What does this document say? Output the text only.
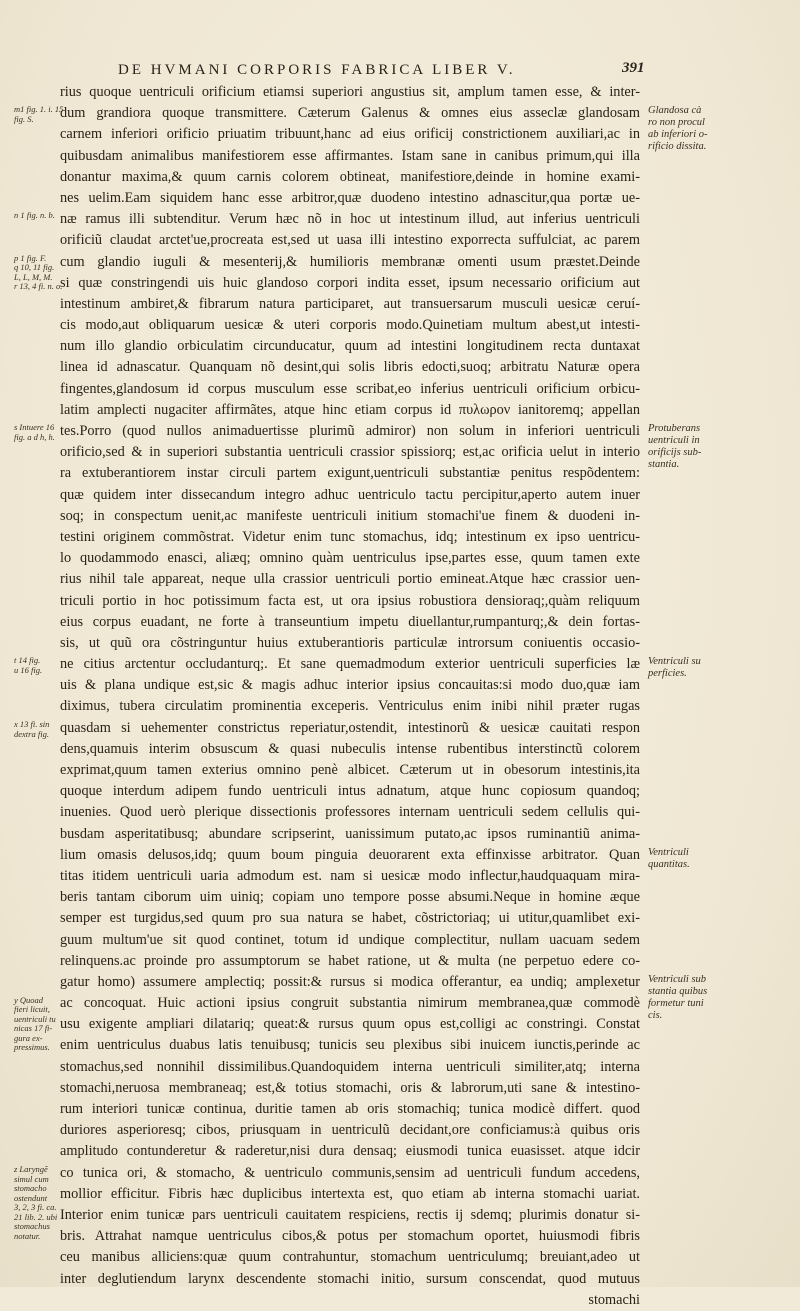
DE HVMANI CORPORIS FABRICA LIBER V.	391
rius quoque uentriculi orificium etiamsi superiori angustius sit, amplum tamen esse, & inter-
dum grandiora quoque transmittere. Cæterum Galenus & omnes eius asseclæ glandosam
carnem inferiori orificio priuatim tribuunt,hanc ad eius orificij constrictionem auxiliari,ac in
quibusdam animalibus manifestiorem esse affirmantes. Istam sane in canibus primum,qui illa
donantur maxima,& quum carnis colorem obtineat, manifestiore,deinde in homine exami-
nes uelim.Eam siquidem hanc esse arbitror,quæ duodeno intestino adnascitur,qua portæ ue-
næ ramus illi subtenditur. Verum hæc nõ in hoc ut intestinum illud, aut inferius uentriculi
orificiũ claudat arctet'ue,procreata est,sed ut uasa illi intestino exporrecta suffulciat, ac parem
cum glandio iuguli & mesenterij,& humilioris membranæ omenti usum præstet.Deinde
si quæ constringendi uis huic glandoso corpori indita esset, ipsum necessario orificium aut
intestinum ambiret,& fibrarum natura participaret, aut transuersarum musculi uesicæ ceruí-
cis modo,aut obliquarum uesicæ & uteri corporis modo.Quinetiam multum abest,ut intesti-
num illo glandio orbiculatim circunducatur, quum ad intestini longitudinem recta duntaxat
linea id adnascatur. Quanquam nõ desint,qui solis libris edocti,suoq; arbitratu Naturæ opera
fingentes,glandosum id corpus musculum esse scribat,eo inferius uentriculi orificium orbicu-
latim amplecti nugaciter affirmãtes, atque hinc etiam corpus id πυλωρον ianitoremq; appellan
tes.Porro (quod nullos animaduertisse plurimũ admiror) non solum in inferiori uentriculi
orificio,sed & in superiori substantia uentriculi crassior spissiorq; est,ac orificia uelut in interio
ra extuberantiorem instar circuli partem exigunt,uentriculi substantiæ penitus respõdentem:
quæ quidem inter dissecandum integro adhuc uentriculo tactu percipitur,aperto autem inuer
soq; in conspectum uenit,ac manifeste uentriculi initium stomachi'ue finem & duodeni in-
testini originem commõstrat. Videtur enim tunc stomachus, idq; intestinum ex ipso uentricu-
lo quodammodo enasci, aliæq; omnino quàm uentriculus ipse,partes esse, quum tamen exte
rius nihil tale appareat, neque ulla crassior uentriculi portio emineat.Atque hæc crassior uen-
triculi portio in hoc potissimum facta est, ut ora ipsius robustiora densioraq;,quàm reliquum
eius corpus euadant, ne forte à transeuntium impetu diuellantur,rumpanturq;,& dein fortas-
sis, ut quũ ora cõstringuntur huius extuberantioris particulæ introrsum coniuentis occasio-
ne citius arctentur occludanturq;. Et sane quemadmodum exterior uentriculi superficies læ
uis & plana undique est,sic & magis adhuc interior ipsius concauitas:si modo duo,quæ iam
diximus, tubera circulatim prominentia exceperis. Ventriculus enim inibi nihil præter rugas
quasdam si uehementer constrictus reperiatur,ostendit, intestinorũ & uesicæ cauitati respon
dens,quamuis interim obsuscum & quasi nubeculis intense rubentibus interstinctũ colorem
exprimat,quum tamen exterius omnino penè albicet. Cæterum ut in obesorum intestinis,ita
quoque interdum adipem fundo uentriculi intus adnatum, atque hunc copiosum quandoq;
inuenies. Quod uerò plerique dissectionis professores internam uentriculi sedem cellulis qui-
busdam asperitatibusq; abundare scripserint, uanissimum putato,ac ipsos ruminantiũ anima-
lium omasis delusos,idq; quum boum pinguia deuorarent exta effinxisse arbitrator. Quan
titas itidem uentriculi uaria admodum est. nam si uesicæ modo inflectur,haudquaquam mira-
beris tantam ciborum uim uiniq; copiam uno tempore posse absumi.Neque in homine æque
semper est turgidus,sed quum pro sua natura se habet, cõstrictoriaq; ui utitur,quamlibet exi-
guum multum'ue sit quod continet, totum id undique complectitur, nullam uacuam sedem
relinquens.ac proinde pro assumptorum se habet ratione, ut & multa (ne perpetuo edere co-
gatur homo) assumere amplectiq; possit:& rursus si modica offerantur, ea undiq; amplexetur
ac concoquat. Huic actioni ipsius congruit substantia nimirum membranea,quæ commodè
usu exigente ampliari dilatariq; queat:& rursus quum opus est,colligi ac constringi. Constat
enim uentriculus duabus latis tenuibusq; tunicis seu plexibus sibi inuicem iunctis,perinde ac
stomachus,sed nonnihil dissimilibus.Quandoquidem interna uentriculi similiter,atq; interna
stomachi,neruosa membraneaq; est,& totius stomachi, oris & labrorum,uti sane & intestino-
rum interiori tunicæ continua, duritie tamen ab oris stomachiq; tunica modicè differt. quod
duriores asperioresq; cibos, priusquam in uentriculũ decidant,ore conficiamus:à quibus oris
amplitudo contunderetur & raderetur,nisi dura densaq; eiusmodi tunica euasisset. atque idcir
co tunica ori, & stomacho, & uentriculo communis,sensim ad uentriculi fundum accedens,
mollior efficitur. Fibris hæc duplicibus intertexta est, quo etiam ab interna stomachi uariat.
Interior enim tunicæ pars uentriculi cauitatem respiciens, rectis ij sdemq; plurimis donatur si-
bris. Attrahat namque uentriculus cibos,& potus per stomachum oportet, huiusmodi fibris
ceu manibus alliciens:quæ quum contrahuntur, stomachum uentriculumq; breuiant,adeo ut
inter deglutiendum larynx descendente stomachi initio, sursum conscendat, quod mutuus
stomachi
m1 fig. 1. i. 15 fig. S.
n 1 fig. n. b.
p 1 fig. F.
q 10, 11 fig.
L, L, M, M.
r 13, 4 fi. n. o.
s Intuere 16
fig. a d h, h.
t 14 fig.
u 16 fig.
x 13 fi. sin
dextra fig.
y Quoad
fieri licuit,
uentriculi tu
nicas 17 fi-
gura ex-
pressimus.
z Laryngẽ
simul cum
stomacho
ostendunt
3, 2, 3 fi. ca.
21 lib. 2. ubi
stomachus
notatur.
Glandosa cà
ro non procul
ab inferiori o-
rificio dissita.
Protuberans
uentriculi in
orificijs sub-
stantia.
Ventriculi su
perficies.
Ventriculi
quantitas.
Ventriculi sub
stantia quibus
formetur tuni
cis.
